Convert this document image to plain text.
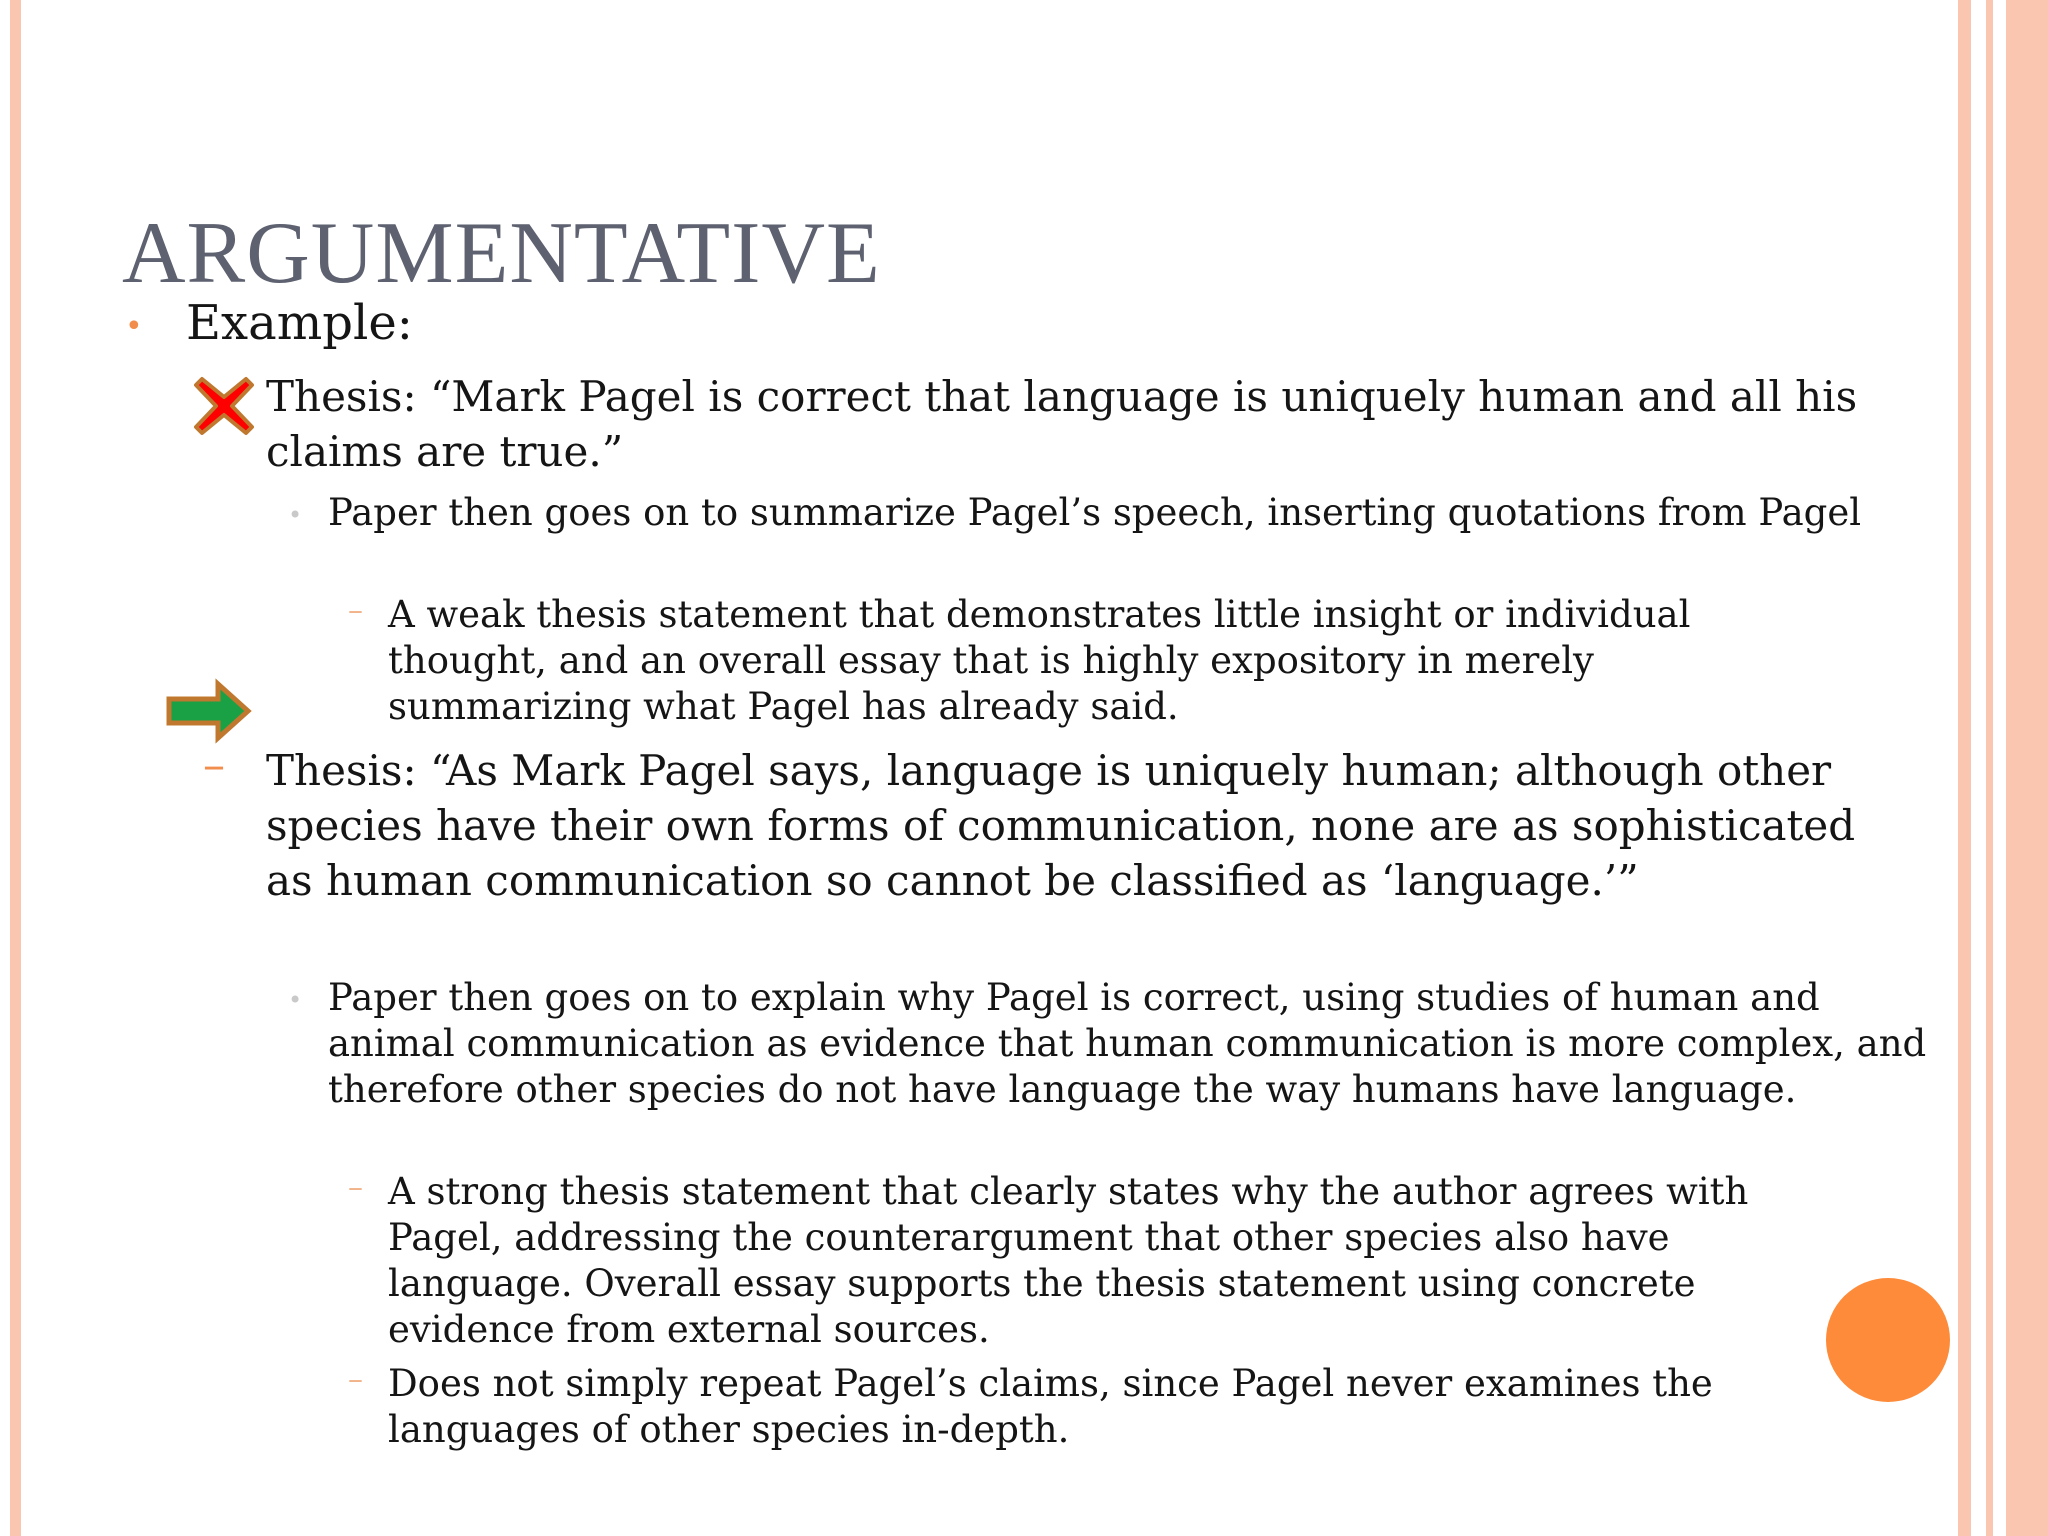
ARGUMENTATIVE
• Example:
Thesis: “Mark Pagel is correct that language is uniquely human and all his claims are true.”
• Paper then goes on to summarize Pagel’s speech, inserting quotations from Pagel
– A weak thesis statement that demonstrates little insight or individual thought, and an overall essay that is highly expository in merely summarizing what Pagel has already said.
– Thesis: “As Mark Pagel says, language is uniquely human; although other species have their own forms of communication, none are as sophisticated as human communication so cannot be classified as ‘language.’”
• Paper then goes on to explain why Pagel is correct, using studies of human and animal communication as evidence that human communication is more complex, and therefore other species do not have language the way humans have language.
– A strong thesis statement that clearly states why the author agrees with Pagel, addressing the counterargument that other species also have language. Overall essay supports the thesis statement using concrete evidence from external sources.
– Does not simply repeat Pagel’s claims, since Pagel never examines the languages of other species in-depth.
